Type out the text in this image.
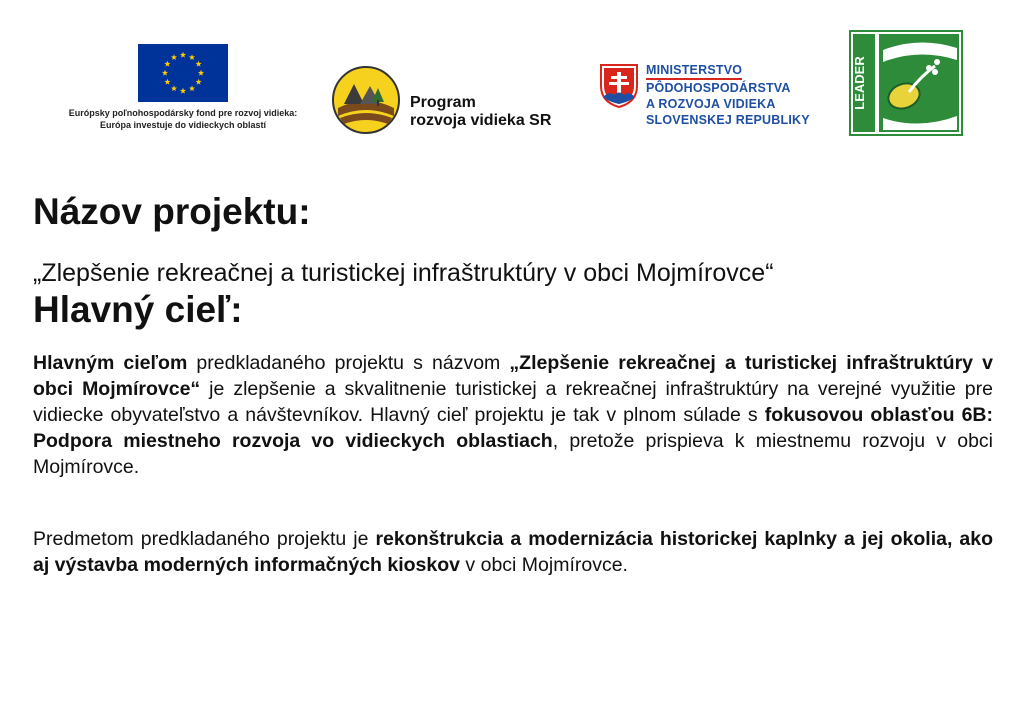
Európsky poľnohospodársky fond pre rozvoj vidieka:
Európa investuje do vidieckych oblastí
Program
rozvoja vidieka SR
MINISTERSTVO
PÔDOHOSPODÁRSTVA
A ROZVOJA VIDIEKA
SLOVENSKEJ REPUBLIKY
LEADER
Názov projektu:
„Zlepšenie rekreačnej a turistickej infraštruktúry v obci Mojmírovce“
Hlavný cieľ:

Hlavným cieľom predkladaného projektu s názvom „Zlepšenie rekreačnej a turistickej infraštruktúry v obci Mojmírovce“ je zlepšenie a skvalitnenie turistickej a rekreačnej infraštruktúry na verejné využitie pre vidiecke obyvateľstvo a návštevníkov. Hlavný cieľ projektu je tak v plnom súlade s fokusovou oblasťou 6B: Podpora miestneho rozvoja vo vidieckych oblastiach, pretože prispieva k miestnemu rozvoju v obci Mojmírovce.

Predmetom predkladaného projektu je rekonštrukcia a modernizácia historickej kaplnky a jej okolia, ako aj výstavba moderných informačných kioskov v obci Mojmírovce.
